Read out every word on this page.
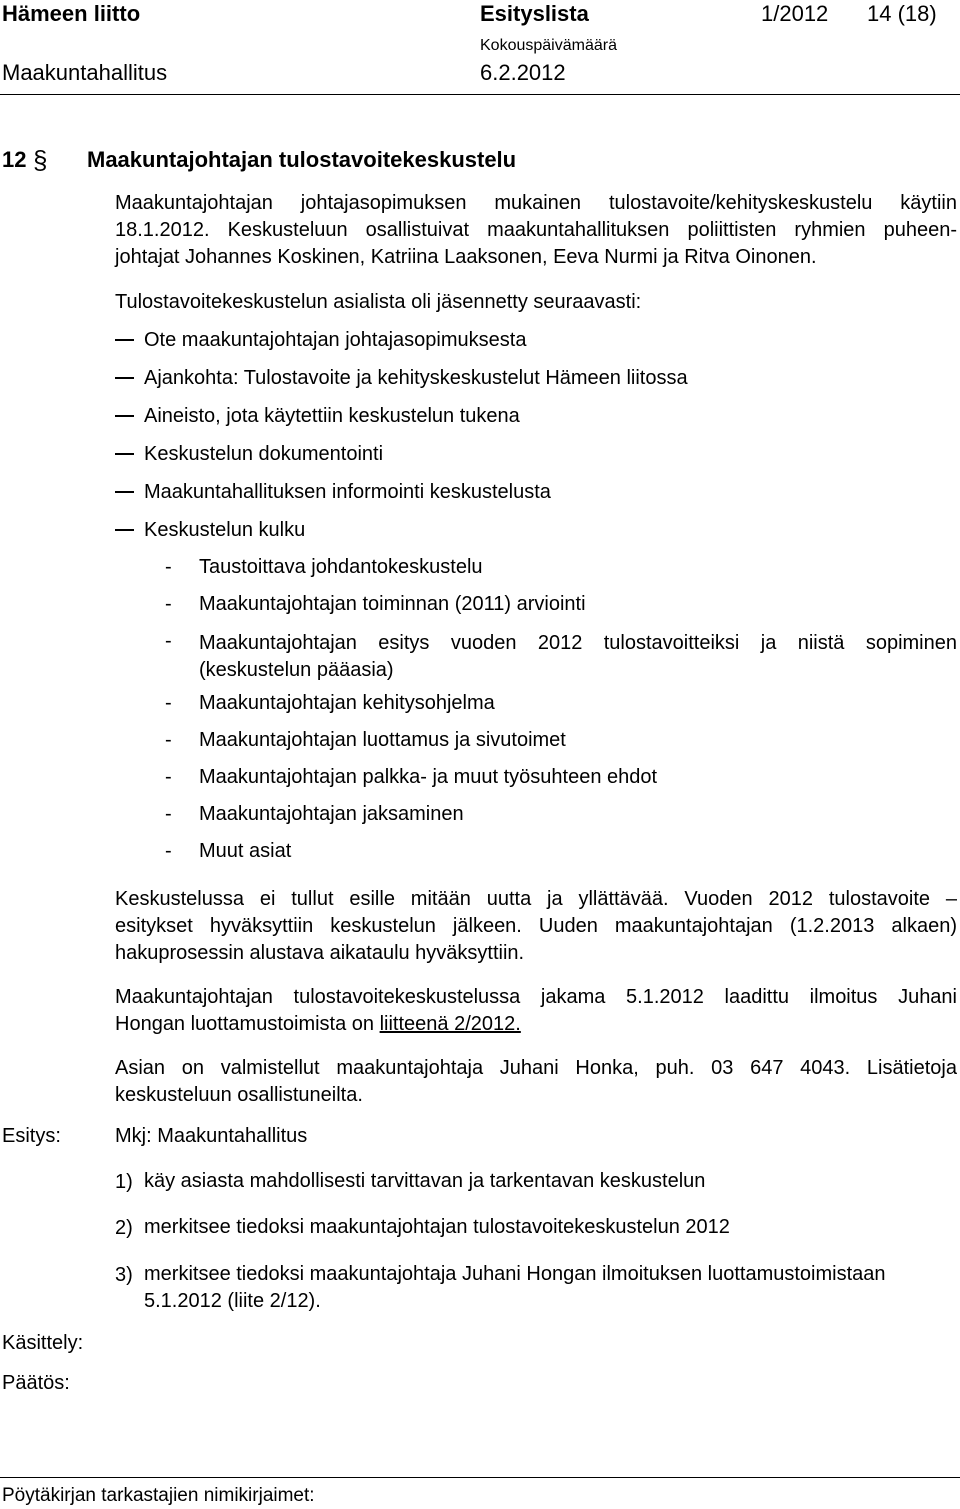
Hämeen liitto	Esityslista	1/2012 14 (18)
Kokouspäivämäärä
Maakuntahallitus	6.2.2012
12 § Maakuntajohtajan tulostavoitekeskustelu
Maakuntajohtajan johtajasopimuksen mukainen tulostavoite/kehityskeskustelu käytiin
18.1.2012. Keskusteluun osallistuivat maakuntahallituksen poliittisten ryhmien puheen-
johtajat Johannes Koskinen, Katriina Laaksonen, Eeva Nurmi ja Ritva Oinonen.
Tulostavoitekeskustelun asialista oli jäsennetty seuraavasti:
Ote maakuntajohtajan johtajasopimuksesta
Ajankohta: Tulostavoite ja kehityskeskustelut Hämeen liitossa
Aineisto, jota käytettiin keskustelun tukena
Keskustelun dokumentointi
Maakuntahallituksen informointi keskustelusta
Keskustelun kulku
- Taustoittava johdantokeskustelu
- Maakuntajohtajan toiminnan (2011) arviointi
- Maakuntajohtajan esitys vuoden 2012 tulostavoitteiksi ja niistä sopiminen
(keskustelun pääasia)
- Maakuntajohtajan kehitysohjelma
- Maakuntajohtajan luottamus ja sivutoimet
- Maakuntajohtajan palkka- ja muut työsuhteen ehdot
- Maakuntajohtajan jaksaminen
- Muut asiat
Keskustelussa ei tullut esille mitään uutta ja yllättävää. Vuoden 2012 tulostavoite –
esitykset hyväksyttiin keskustelun jälkeen. Uuden maakuntajohtajan (1.2.2013 alkaen)
hakuprosessin alustava aikataulu hyväksyttiin.
Maakuntajohtajan tulostavoitekeskustelussa jakama 5.1.2012 laadittu ilmoitus Juhani
Hongan luottamustoimista on liitteenä 2/2012.
Asian on valmistellut maakuntajohtaja Juhani Honka, puh. 03 647 4043. Lisätietoja
keskusteluun osallistuneilta.
Esitys:	Mkj: Maakuntahallitus
1) käy asiasta mahdollisesti tarvittavan ja tarkentavan keskustelun
2) merkitsee tiedoksi maakuntajohtajan tulostavoitekeskustelun 2012
3) merkitsee tiedoksi maakuntajohtaja Juhani Hongan ilmoituksen luottamustoimistaan
5.1.2012 (liite 2/12).
Käsittely:
Päätös:
Pöytäkirjan tarkastajien nimikirjaimet:
